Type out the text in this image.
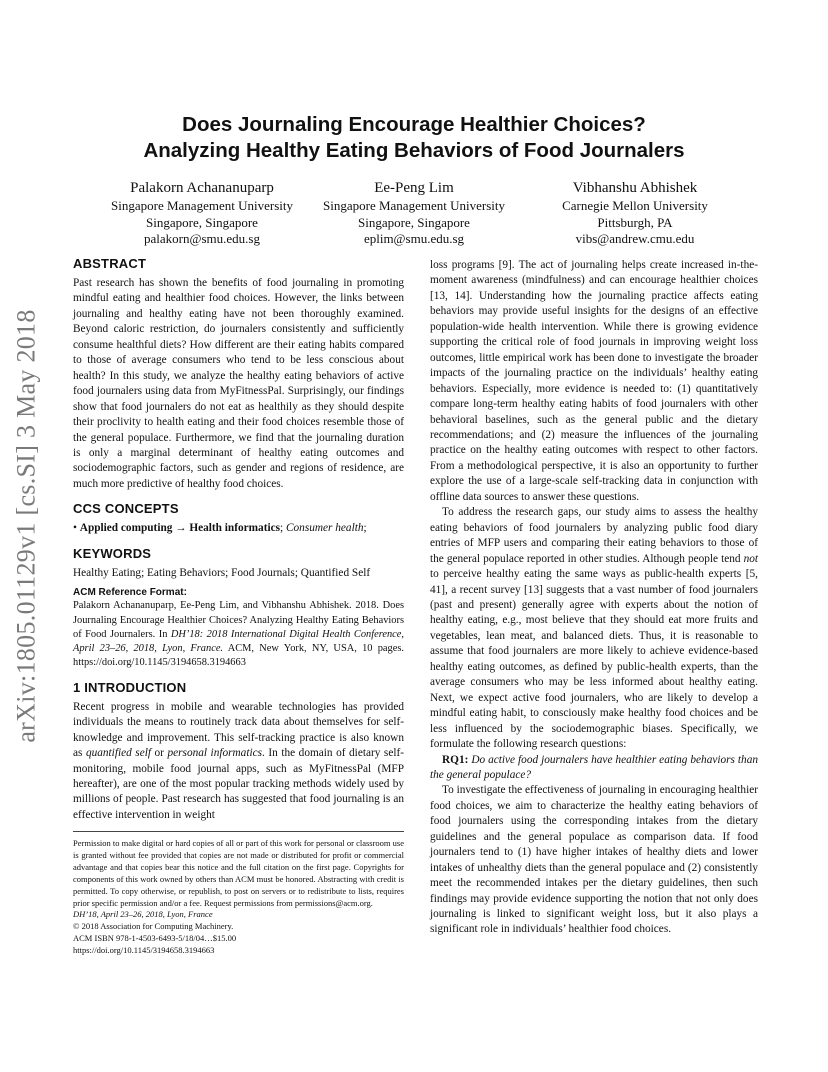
arXiv:1805.01129v1 [cs.SI] 3 May 2018
Does Journaling Encourage Healthier Choices?
Analyzing Healthy Eating Behaviors of Food Journalers
Palakorn Achananuparp
Singapore Management University
Singapore, Singapore
palakorn@smu.edu.sg
Ee-Peng Lim
Singapore Management University
Singapore, Singapore
eplim@smu.edu.sg
Vibhanshu Abhishek
Carnegie Mellon University
Pittsburgh, PA
vibs@andrew.cmu.edu
ABSTRACT

Past research has shown the benefits of food journaling in promoting mindful eating and healthier food choices. However, the links between journaling and healthy eating have not been thoroughly examined. Beyond caloric restriction, do journalers consistently and sufficiently consume healthful diets? How different are their eating habits compared to those of average consumers who tend to be less conscious about health? In this study, we analyze the healthy eating behaviors of active food journalers using data from MyFitnessPal. Surprisingly, our findings show that food journalers do not eat as healthily as they should despite their proclivity to health eating and their food choices resemble those of the general populace. Furthermore, we find that the journaling duration is only a marginal determinant of healthy eating outcomes and sociodemographic factors, such as gender and regions of residence, are much more predictive of healthy food choices.

CCS CONCEPTS

• Applied computing → Health informatics; Consumer health;

KEYWORDS

Healthy Eating; Eating Behaviors; Food Journals; Quantified Self

ACM Reference Format:

Palakorn Achananuparp, Ee-Peng Lim, and Vibhanshu Abhishek. 2018. Does Journaling Encourage Healthier Choices? Analyzing Healthy Eating Behaviors of Food Journalers. In DH’18: 2018 International Digital Health Conference, April 23–26, 2018, Lyon, France. ACM, New York, NY, USA, 10 pages. https://doi.org/10.1145/3194658.3194663

1 INTRODUCTION

Recent progress in mobile and wearable technologies has provided individuals the means to routinely track data about themselves for self-knowledge and improvement. This self-tracking practice is also known as quantified self or personal informatics. In the domain of dietary self-monitoring, mobile food journal apps, such as MyFitnessPal (MFP hereafter), are one of the most popular tracking methods widely used by millions of people. Past research has suggested that food journaling is an effective intervention in weight

Permission to make digital or hard copies of all or part of this work for personal or classroom use is granted without fee provided that copies are not made or distributed for profit or commercial advantage and that copies bear this notice and the full citation on the first page. Copyrights for components of this work owned by others than ACM must be honored. Abstracting with credit is permitted. To copy otherwise, or republish, to post on servers or to redistribute to lists, requires prior specific permission and/or a fee. Request permissions from permissions@acm.org.

DH’18, April 23–26, 2018, Lyon, France

© 2018 Association for Computing Machinery.

ACM ISBN 978-1-4503-6493-5/18/04…$15.00

https://doi.org/10.1145/3194658.3194663

loss programs [9]. The act of journaling helps create increased in-the-moment awareness (mindfulness) and can encourage healthier choices [13, 14]. Understanding how the journaling practice affects eating behaviors may provide useful insights for the designs of an effective population-wide health intervention. While there is growing evidence supporting the critical role of food journals in improving weight loss outcomes, little empirical work has been done to investigate the broader impacts of the journaling practice on the individuals’ healthy eating behaviors. Especially, more evidence is needed to: (1) quantitatively compare long-term healthy eating habits of food journalers with other behavioral baselines, such as the general public and the dietary recommendations; and (2) measure the influences of the journaling practice on the healthy eating outcomes with respect to other factors. From a methodological perspective, it is also an opportunity to further explore the use of a large-scale self-tracking data in conjunction with offline data sources to answer these questions.

To address the research gaps, our study aims to assess the healthy eating behaviors of food journalers by analyzing public food diary entries of MFP users and comparing their eating behaviors to those of the general populace reported in other studies. Although people tend not to perceive healthy eating the same ways as public-health experts [5, 41], a recent survey [13] suggests that a vast number of food journalers (past and present) generally agree with experts about the notion of healthy eating, e.g., most believe that they should eat more fruits and vegetables, lean meat, and balanced diets. Thus, it is reasonable to assume that food journalers are more likely to achieve evidence-based healthy eating outcomes, as defined by public-health experts, than the average consumers who may be less informed about healthy eating. Next, we expect active food journalers, who are likely to develop a mindful eating habit, to consciously make healthy food choices and be less influenced by the sociodemographic biases. Specifically, we formulate the following research questions:

RQ1: Do active food journalers have healthier eating behaviors than the general populace?

To investigate the effectiveness of journaling in encouraging healthier food choices, we aim to characterize the healthy eating behaviors of food journalers using the corresponding intakes from the dietary guidelines and the general populace as comparison data. If food journalers tend to (1) have higher intakes of healthy diets and lower intakes of unhealthy diets than the general populace and (2) consistently meet the recommended intakes per the dietary guidelines, then such findings may provide evidence supporting the notion that not only does journaling is linked to significant weight loss, but it also plays a significant role in individuals’ healthier food choices.
